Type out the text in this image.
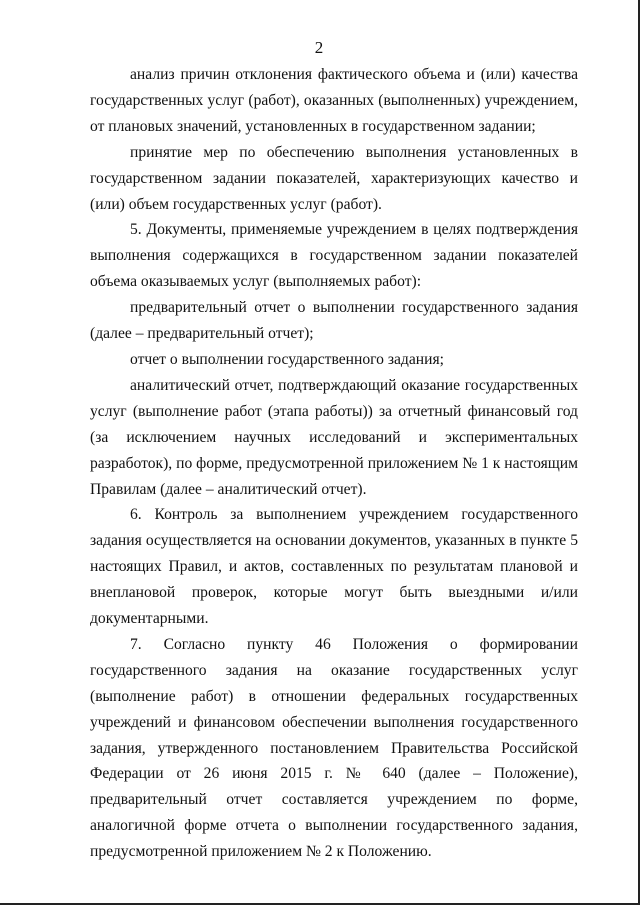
2

анализ причин отклонения фактического объема и (или) качества государственных услуг (работ), оказанных (выполненных) учреждением, от плановых значений, установленных в государственном задании;

принятие мер по обеспечению выполнения установленных в государственном задании показателей, характеризующих качество и (или) объем государственных услуг (работ).

5. Документы, применяемые учреждением в целях подтверждения выполнения содержащихся в государственном задании показателей объема оказываемых услуг (выполняемых работ):

предварительный отчет о выполнении государственного задания (далее – предварительный отчет);

отчет о выполнении государственного задания;

аналитический отчет, подтверждающий оказание государственных услуг (выполнение работ (этапа работы)) за отчетный финансовый год (за исключением научных исследований и экспериментальных разработок), по форме, предусмотренной приложением № 1 к настоящим Правилам (далее – аналитический отчет).

6. Контроль за выполнением учреждением государственного задания осуществляется на основании документов, указанных в пункте 5 настоящих Правил, и актов, составленных по результатам плановой и внеплановой проверок, которые могут быть выездными и/или документарными.

7. Согласно пункту 46 Положения о формировании государственного задания на оказание государственных услуг (выполнение работ) в отношении федеральных государственных учреждений и финансовом обеспечении выполнения государственного задания, утвержденного постановлением Правительства Российской Федерации от 26 июня 2015 г. № 640 (далее – Положение), предварительный отчет составляется учреждением по форме, аналогичной форме отчета о выполнении государственного задания, предусмотренной приложением № 2 к Положению.
